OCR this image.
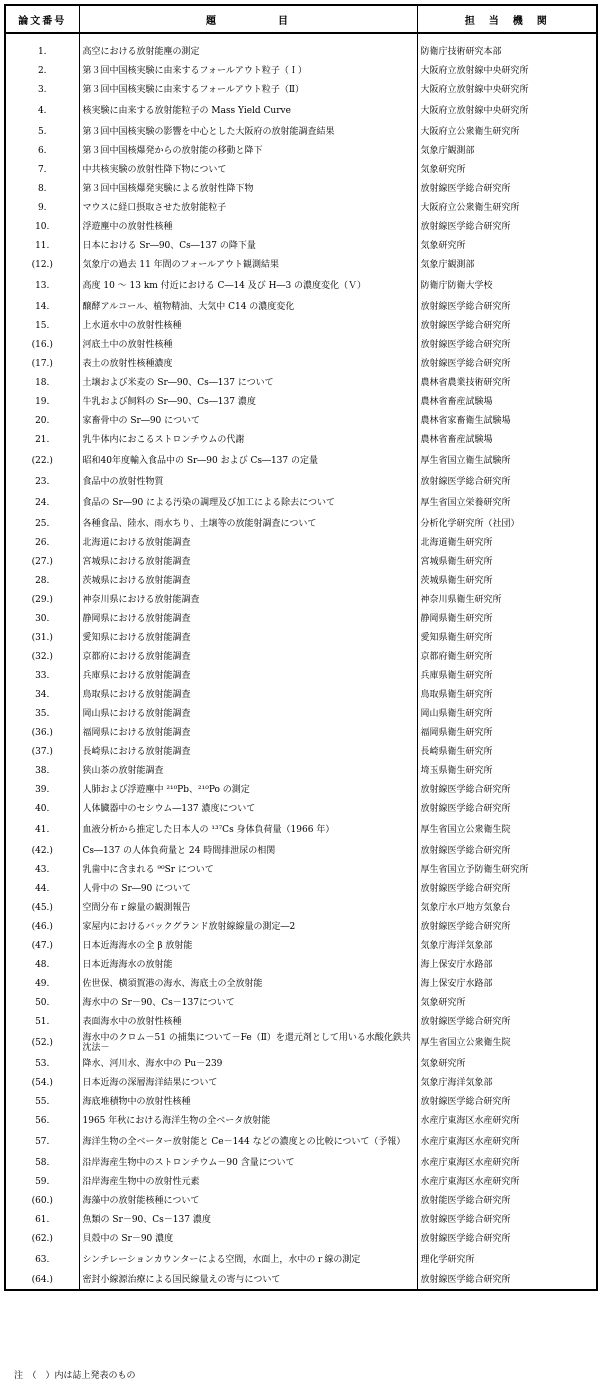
論文番号	題　　　　　目	担　当　機　関

1.	高空における放射能塵の測定	防衛庁技術研究本部
2.	第３回中国核実験に由来するフォールアウト粒子（Ｉ）	大阪府立放射線中央研究所
3.	第３回中国核実験に由来するフォールアウト粒子（Ⅱ）	大阪府立放射線中央研究所
4.	核実験に由来する放射能粒子の Mass Yield Curve	大阪府立放射線中央研究所
5.	第３回中国核実験の影響を中心とした大阪府の放射能調査結果	大阪府立公衆衛生研究所
6.	第３回中国核爆発からの放射能の移動と降下	気象庁観測部
7.	中共核実験の放射性降下物について	気象研究所
8.	第３回中国核爆発実験による放射性降下物	放射線医学総合研究所
9.	マウスに経口摂取させた放射能粒子	大阪府立公衆衛生研究所
10.	浮遊塵中の放射性核種	放射線医学総合研究所
11.	日本における Sr―90、Cs―137 の降下量	気象研究所
(12.)	気象庁の過去 11 年間のフォールアウト観測結果	気象庁観測部
13.	高度 10 ～ 13 km 付近における C―14 及び H―3 の濃度変化（Ｖ）	防衛庁防衛大学校
14.	醸酵アルコール、植物精油、大気中 C14 の濃度変化	放射線医学総合研究所
15.	上水道水中の放射性核種	放射線医学総合研究所
(16.)	河底土中の放射性核種	放射線医学総合研究所
(17.)	表土の放射性核種濃度	放射線医学総合研究所
18.	土壌および米麦の Sr―90、Cs―137 について	農林省農業技術研究所
19.	牛乳および飼料の Sr―90、Cs―137 濃度	農林省畜産試験場
20.	家畜骨中の Sr―90 について	農林省家畜衛生試験場
21.	乳牛体内におこるストロンチウムの代謝	農林省畜産試験場
(22.)	昭和40年度輸入食品中の Sr―90 および Cs―137 の定量	厚生省国立衛生試験所
23.	食品中の放射性物質	放射線医学総合研究所
24.	食品の Sr―90 による汚染の調理及び加工による除去について	厚生省国立栄養研究所
25.	各種食品、陸水、雨水ちり、土壌等の放能射調査について	分析化学研究所（社団）
26.	北海道における放射能調査	北海道衛生研究所
(27.)	宮城県における放射能調査	宮城県衛生研究所
28.	茨城県における放射能調査	茨城県衛生研究所
(29.)	神奈川県における放射能調査	神奈川県衛生研究所
30.	静岡県における放射能調査	静岡県衛生研究所
(31.)	愛知県における放射能調査	愛知県衛生研究所
(32.)	京都府における放射能調査	京都府衛生研究所
33.	兵庫県における放射能調査	兵庫県衛生研究所
34.	鳥取県における放射能調査	鳥取県衛生研究所
35.	岡山県における放射能調査	岡山県衛生研究所
(36.)	福岡県における放射能調査	福岡県衛生研究所
(37.)	長崎県における放射能調査	長崎県衛生研究所
38.	狭山茶の放射能調査	埼玉県衛生研究所
39.	人肺および浮遊塵中 ²¹⁰Pb、²¹⁰Po の測定	放射線医学総合研究所
40.	人体臓器中のセシウム―137 濃度について	放射線医学総合研究所
41.	血液分析から推定した日本人の ¹³⁷Cs 身体負荷量（1966 年）	厚生省国立公衆衛生院
(42.)	Cs―137 の人体負荷量と 24 時間排泄尿の相関	放射線医学総合研究所
43.	乳歯中に含まれる ⁹⁰Sr について	厚生省国立予防衛生研究所
44.	人骨中の Sr―90 について	放射線医学総合研究所
(45.)	空間分布ｒ線量の観測報告	気象庁水戸地方気象台
(46.)	家屋内におけるバックグランド放射線線量の測定―2	放射線医学総合研究所
(47.)	日本近海海水の全 β 放射能	気象庁海洋気象部
48.	日本近海海水の放射能	海上保安庁水路部
49.	佐世保、横須賀港の海水、海底土の全放射能	海上保安庁水路部
50.	海水中の Sr－90、Cs－137について	気象研究所
51.	表面海水中の放射性核種	放射線医学総合研究所
(52.)	海水中のクロム－51 の捕集について－Fe（Ⅱ）を還元剤として用いる水酸化鉄共沈法－	厚生省国立公衆衛生院
53.	降水、河川水、海水中の Pu－239	気象研究所
(54.)	日本近海の深層海洋結果について	気象庁海洋気象部
55.	海底堆積物中の放射性核種	放射線医学総合研究所
56.	1965 年秋における海洋生物の全ベータ放射能	水産庁東海区水産研究所
57.	海洋生物の全ベーター放射能と Ce－144 などの濃度との比較について（予報）	水産庁東海区水産研究所
58.	沿岸海産生物中のストロンチウム－90 含量について	水産庁東海区水産研究所
59.	沿岸海産生物中の放射性元素	水産庁東海区水産研究所
(60.)	海藻中の放射能核種について	放射能医学総合研究所
61.	魚類の Sr－90、Cs－137 濃度	放射線医学総合研究所
(62.)	貝殻中の Sr－90 濃度	放射線医学総合研究所
63.	シンチレーションカウンターによる空間，水面上，水中のｒ線の測定	理化学研究所
(64.)	密封小線源治療による国民線量えの寄与について	放射線医学総合研究所
注　（　）内は誌上発表のもの
